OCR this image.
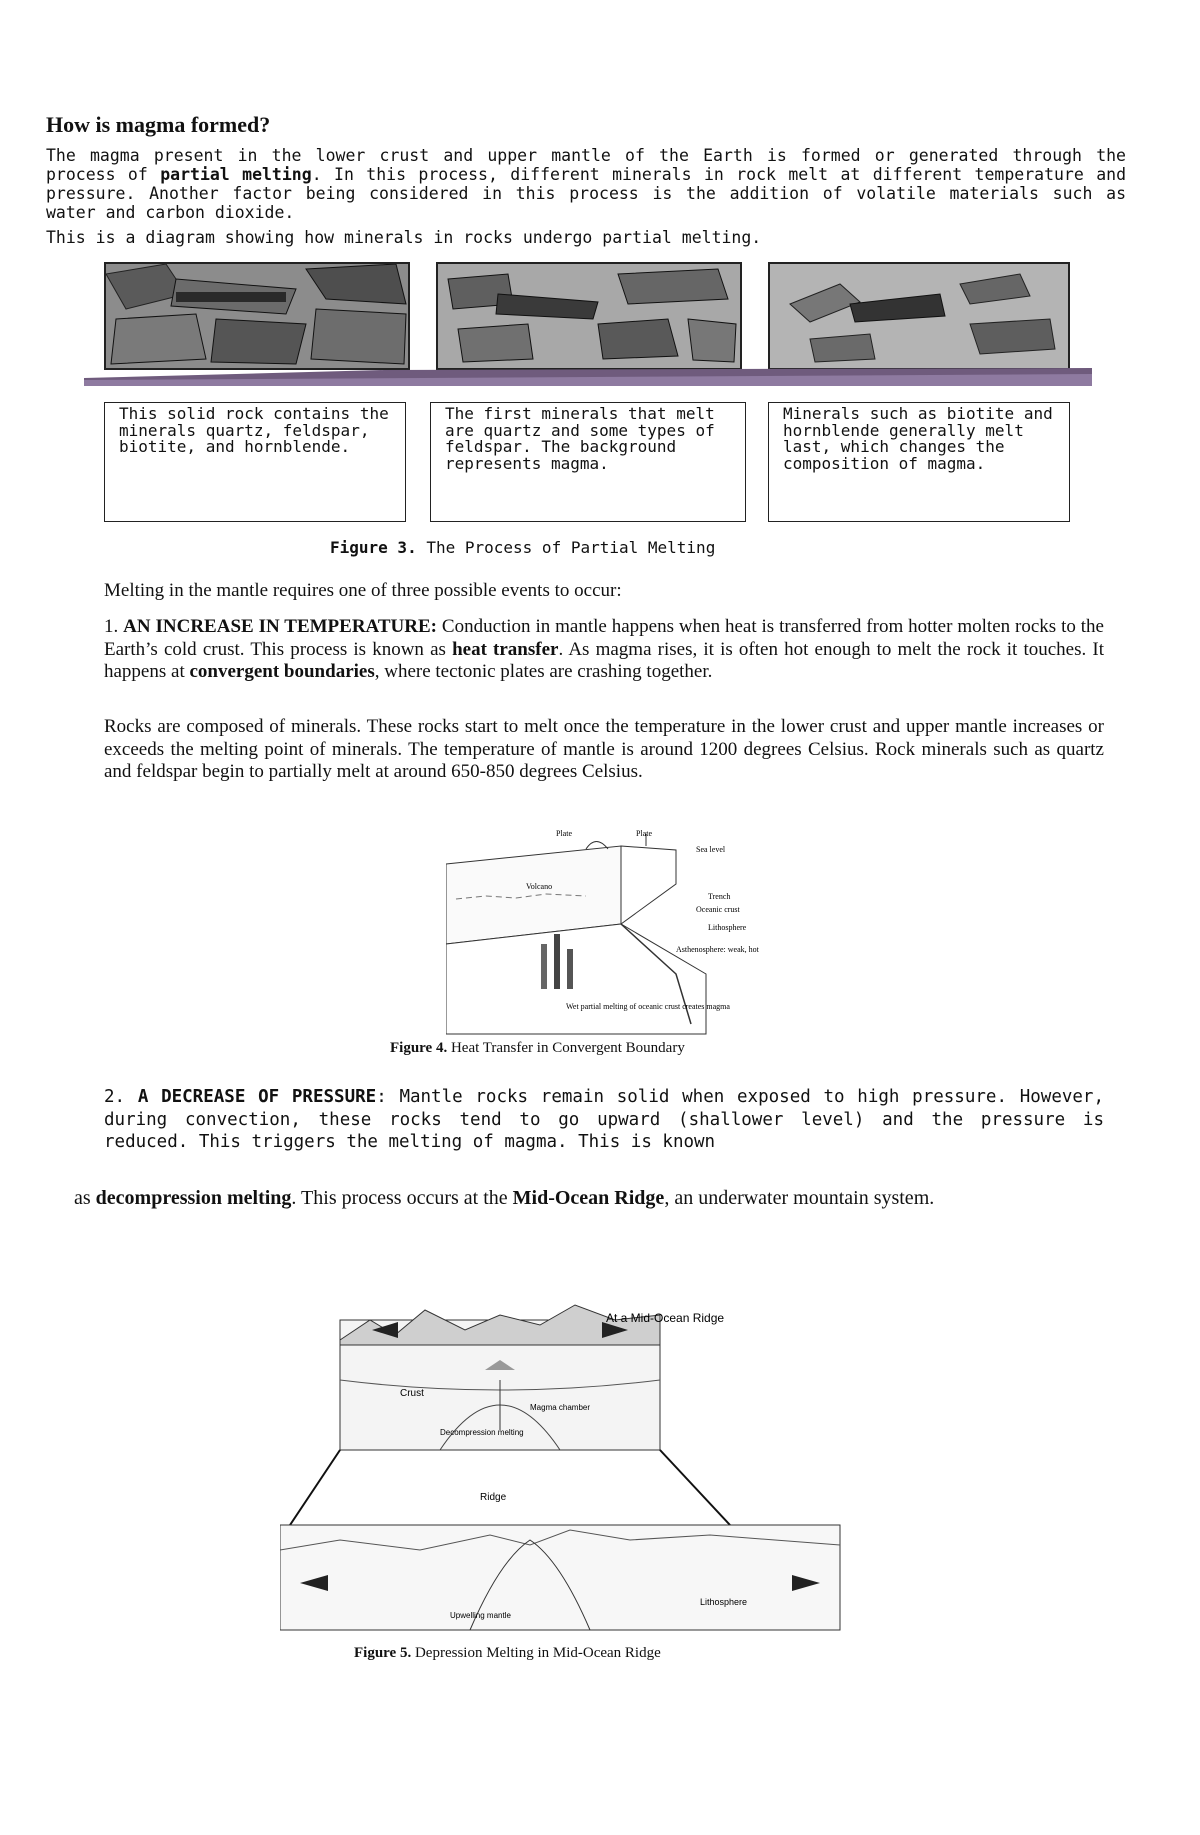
How is magma formed?
The magma present in the lower crust and upper mantle of the Earth is formed or generated through the process of partial melting. In this process, different minerals in rock melt at different temperature and pressure. Another factor being considered in this process is the addition of volatile materials such as water and carbon dioxide.
This is a diagram showing how minerals in rocks undergo partial melting.
This solid rock contains the minerals quartz, feldspar, biotite, and hornblende.
The first minerals that melt are quartz and some types of feldspar. The background represents magma.
Minerals such as biotite and hornblende generally melt last, which changes the composition of magma.
Figure 3. The Process of Partial Melting
Melting in the mantle requires one of three possible events to occur:
1. AN INCREASE IN TEMPERATURE: Conduction in mantle happens when heat is transferred from hotter molten rocks to the Earth’s cold crust. This process is known as heat transfer. As magma rises, it is often hot enough to melt the rock it touches. It happens at convergent boundaries, where tectonic plates are crashing together.
Rocks are composed of minerals. These rocks start to melt once the temperature in the lower crust and upper mantle increases or exceeds the melting point of minerals. The temperature of mantle is around 1200 degrees Celsius. Rock minerals such as quartz and feldspar begin to partially melt at around 650-850 degrees Celsius.
Plate	Plate
Sea level
Volcano
Trench
Oceanic crust
Lithosphere
Asthenosphere: weak, hot
Wet partial melting of oceanic crust creates magma
Figure 4. Heat Transfer in Convergent Boundary
2. A DECREASE OF PRESSURE: Mantle rocks remain solid when exposed to high pressure. However, during convection, these rocks tend to go upward (shallower level) and the pressure is reduced. This triggers the melting of magma. This is known
as decompression melting. This process occurs at the Mid-Ocean Ridge, an underwater mountain system.
At a Mid-Ocean Ridge
Crust
Magma chamber
Decompression melting
Ridge
Upwelling mantle
Lithosphere
Figure 5. Depression Melting in Mid-Ocean Ridge
